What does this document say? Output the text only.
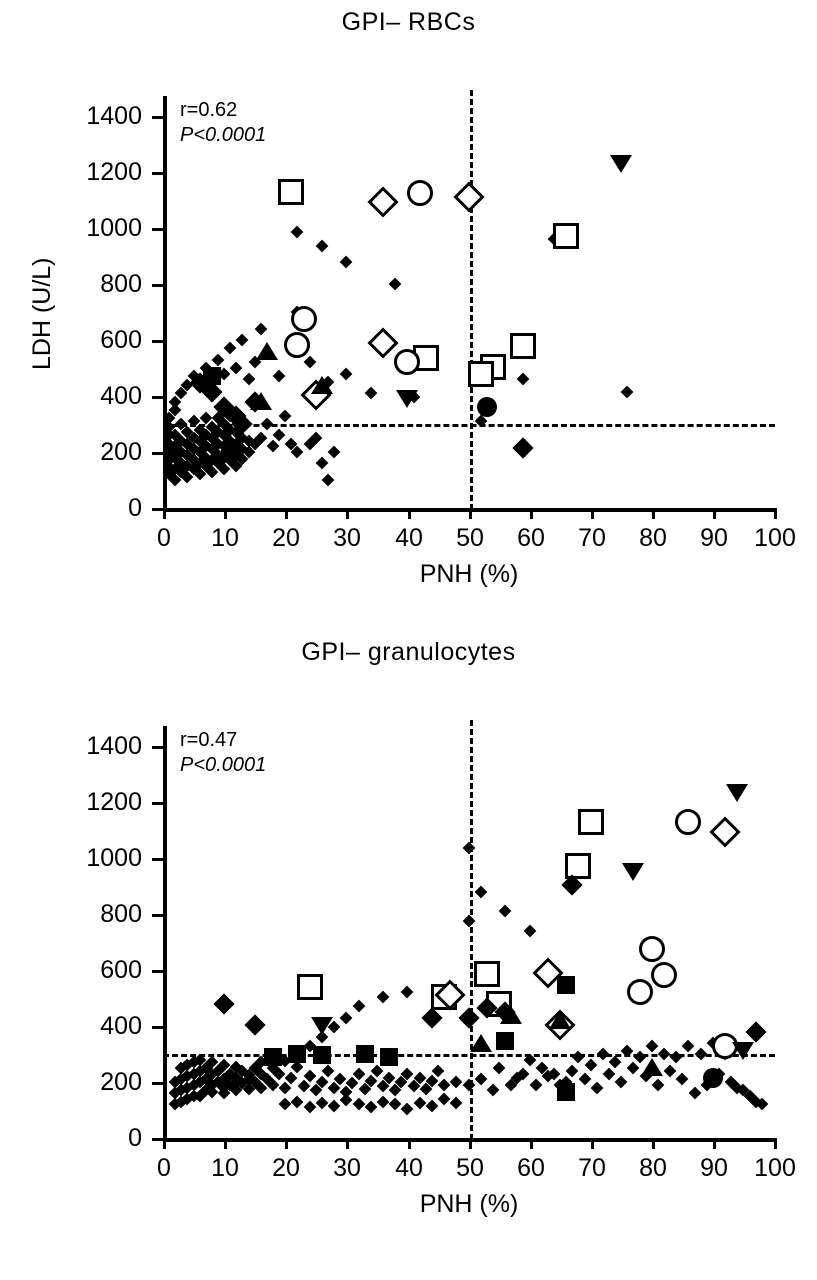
GPI– RBCs
r=0.62
P<0.0001
1400
1200
1000
800
600
400
200
0
0	10	20	30	40	50	60	70	80	90	100
PNH (%)
LDH (U/L)
GPI– granulocytes
r=0.47
P<0.0001
1400
1200
1000
800
600
400
200
0
0	10	20	30	40	50	60	70	80	90	100
PNH (%)
